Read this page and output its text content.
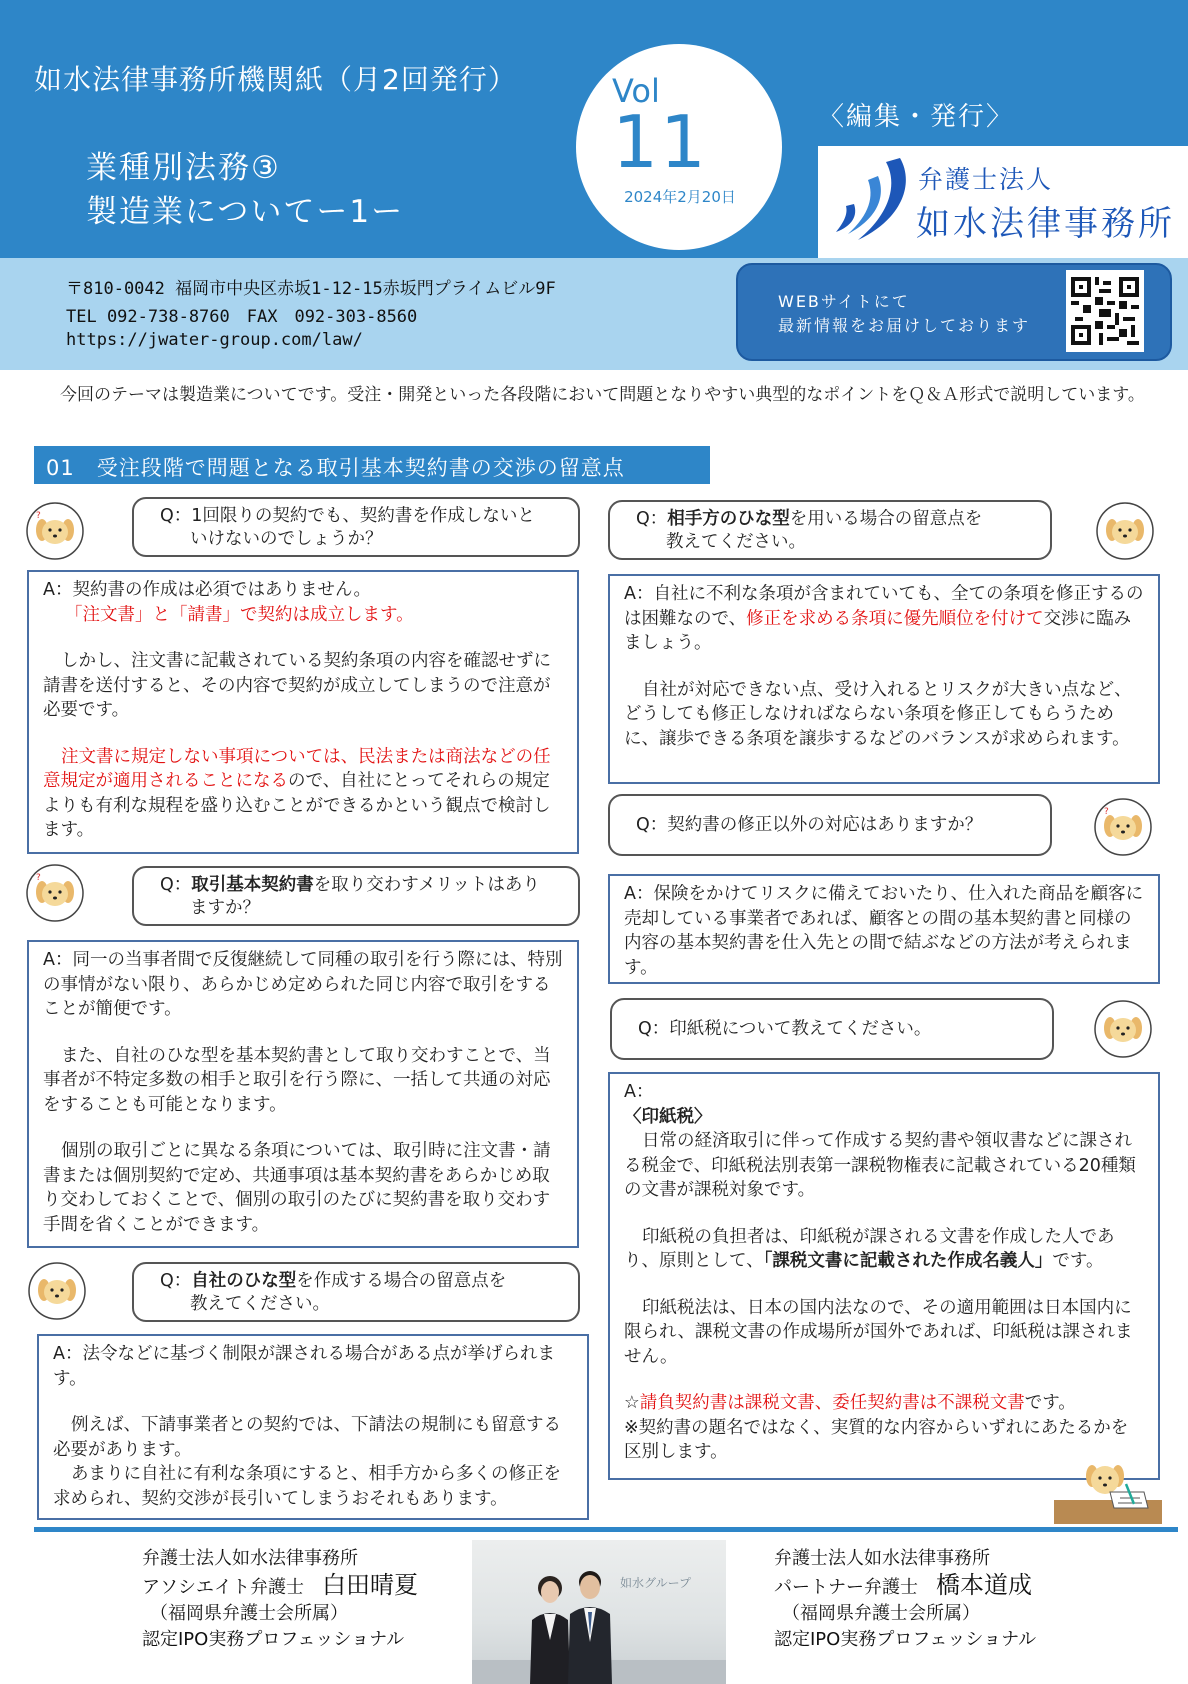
如水法律事務所機関紙（月2回発行）
業種別法務③
製造業についてー1ー
Vol
11
2024年2月20日
〈編集・発行〉
弁護士法人
如水法律事務所
〒810-0042 福岡市中央区赤坂1-12-15赤坂門プライムビル9F
TEL 092-738-8760　FAX　092-303-8560
https://jwater-group.com/law/
WEBサイトにて
最新情報をお届けしております
今回のテーマは製造業についてです。受注・開発といった各段階において問題となりやすい典型的なポイントをＱ＆Ａ形式で説明しています。
01　受注段階で問題となる取引基本契約書の交渉の留意点
?	Q：1回限りの契約でも、契約書を作成しないと
いけないのでしょうか？

A：契約書の作成は必須ではありません。

「注文書」と「請書」で契約は成立します。

しかし、注文書に記載されている契約条項の内容を確認せずに請書を送付すると、その内容で契約が成立してしまうので注意が必要です。

注文書に規定しない事項については、民法または商法などの任意規定が適用されることになるので、自社にとってそれらの規定よりも有利な規程を盛り込むことができるかという観点で検討します。

?	Q：取引基本契約書を取り交わすメリットはあり
ますか？

A：同一の当事者間で反復継続して同種の取引を行う際には、特別の事情がない限り、あらかじめ定められた同じ内容で取引をすることが簡便です。

また、自社のひな型を基本契約書として取り交わすことで、当事者が不特定多数の相手と取引を行う際に、一括して共通の対応をすることも可能となります。

個別の取引ごとに異なる条項については、取引時に注文書・請書または個別契約で定め、共通事項は基本契約書をあらかじめ取り交わしておくことで、個別の取引のたびに契約書を取り交わす手間を省くことができます。

Q：自社のひな型を作成する場合の留意点を
教えてください。

A：法令などに基づく制限が課される場合がある点が挙げられます。

例えば、下請事業者との契約では、下請法の規制にも留意する必要があります。

あまりに自社に有利な条項にすると、相手方から多くの修正を求められ、契約交渉が長引いてしまうおそれもあります。

Q：相手方のひな型を用いる場合の留意点を
教えてください。

A：自社に不利な条項が含まれていても、全ての条項を修正するのは困難なので、修正を求める条項に優先順位を付けて交渉に臨みましょう。

自社が対応できない点、受け入れるとリスクが大きい点など、どうしても修正しなければならない条項を修正してもらうために、譲歩できる条項を譲歩するなどのバランスが求められます。

Q：契約書の修正以外の対応はありますか？
?
A：保険をかけてリスクに備えておいたり、仕入れた商品を顧客に売却している事業者であれば、顧客との間の基本契約書と同様の内容の基本契約書を仕入先との間で結ぶなどの方法が考えられます。
Q：印紙税について教えてください。

A：

〈印紙税〉

日常の経済取引に伴って作成する契約書や領収書などに課される税金で、印紙税法別表第一課税物権表に記載されている20種類の文書が課税対象です。

印紙税の負担者は、印紙税が課される文書を作成した人であり、原則として、「課税文書に記載された作成名義人」です。

印紙税法は、日本の国内法なので、その適用範囲は日本国内に限られ、課税文書の作成場所が国外であれば、印紙税は課されません。

☆請負契約書は課税文書、委任契約書は不課税文書です。

※契約書の題名ではなく、実質的な内容からいずれにあたるかを区別します。

弁護士法人如水法律事務所
アソシエイト弁護士　 白田晴夏
（福岡県弁護士会所属）
認定IPO実務プロフェッショナル
如水グループ
弁護士法人如水法律事務所
パートナー弁護士　 橋本道成
（福岡県弁護士会所属）
認定IPO実務プロフェッショナル
